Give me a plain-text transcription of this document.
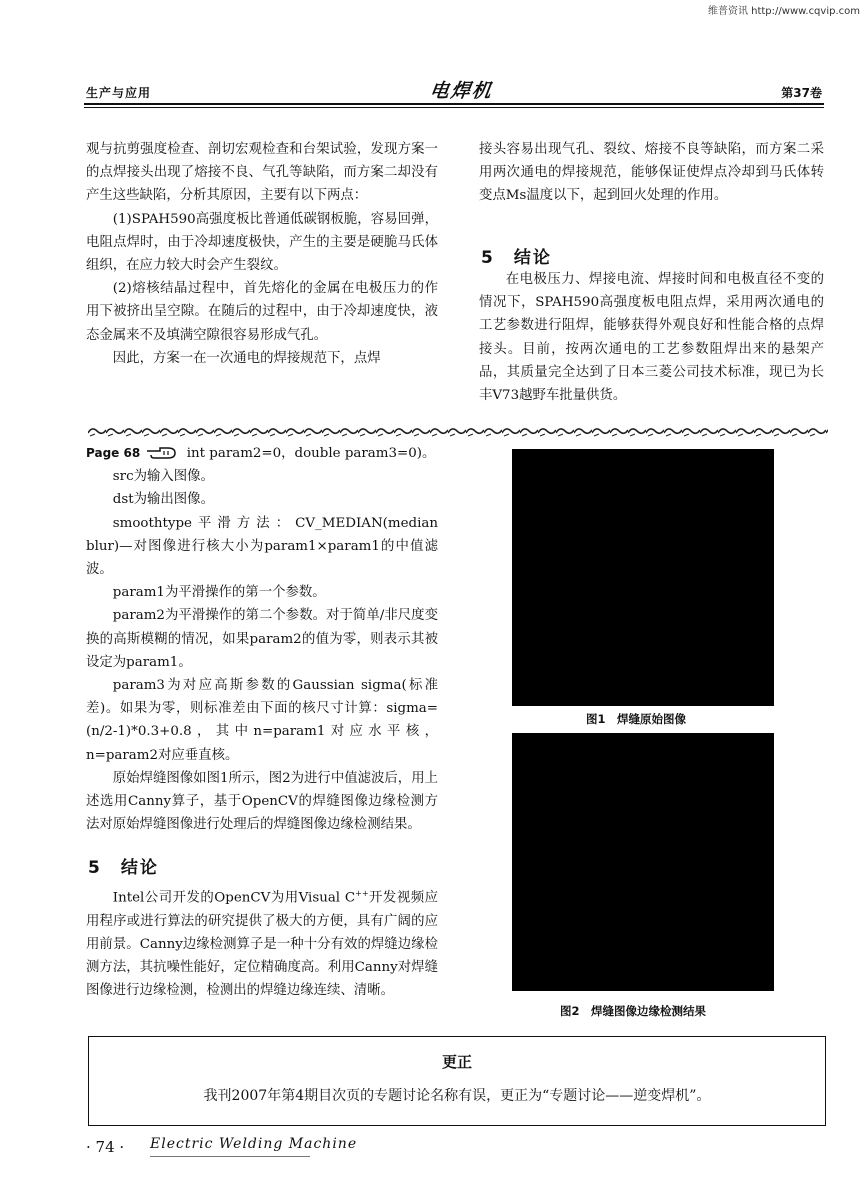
维普资讯 http://www.cqvip.com
生产与应用	电焊机	第37卷

观与抗剪强度检查、剖切宏观检查和台架试验，发现方案一的点焊接头出现了熔接不良、气孔等缺陷，而方案二却没有产生这些缺陷，分析其原因，主要有以下两点：

(1)SPAH590高强度板比普通低碳钢板脆，容易回弹，电阻点焊时，由于冷却速度极快，产生的主要是硬脆马氏体组织，在应力较大时会产生裂纹。

(2)熔核结晶过程中，首先熔化的金属在电极压力的作用下被挤出呈空隙。在随后的过程中，由于冷却速度快，液态金属来不及填满空隙很容易形成气孔。

因此，方案一在一次通电的焊接规范下，点焊

接头容易出现气孔、裂纹、熔接不良等缺陷，而方案二采用两次通电的焊接规范，能够保证使焊点冷却到马氏体转变点Ms温度以下，起到回火处理的作用。

5　结论

在电极压力、焊接电流、焊接时间和电极直径不变的情况下，SPAH590高强度板电阻点焊，采用两次通电的工艺参数进行阻焊，能够获得外观良好和性能合格的点焊接头。目前，按两次通电的工艺参数阻焊出来的悬架产品，其质量完全达到了日本三菱公司技术标准，现已为长丰V73越野车批量供货。

Page 68	int param2=0，double param3=0)。

src为输入图像。

dst为输出图像。

smoothtype平滑方法：CV_MEDIAN(median blur)—对图像进行核大小为param1×param1的中值滤波。

param1为平滑操作的第一个参数。

param2为平滑操作的第二个参数。对于简单/非尺度变换的高斯模糊的情况，如果param2的值为零，则表示其被设定为param1。

param3为对应高斯参数的Gaussian sigma(标准差)。如果为零，则标准差由下面的核尺寸计算：sigma=(n/2-1)*0.3+0.8，其中n=param1对应水平核，n=param2对应垂直核。

原始焊缝图像如图1所示，图2为进行中值滤波后，用上述选用Canny算子，基于OpenCV的焊缝图像边缘检测方法对原始焊缝图像进行处理后的焊缝图像边缘检测结果。

5　结论

Intel公司开发的OpenCV为用Visual C++开发视频应用程序或进行算法的研究提供了极大的方便，具有广阔的应用前景。Canny边缘检测算子是一种十分有效的焊缝边缘检测方法，其抗噪性能好，定位精确度高。利用Canny对焊缝图像进行边缘检测，检测出的焊缝边缘连续、清晰。

图1　焊缝原始图像
图2　焊缝图像边缘检测结果
更正
我刊2007年第4期目次页的专题讨论名称有误，更正为“专题讨论——逆变焊机”。
· 74 · Electric Welding Machine
